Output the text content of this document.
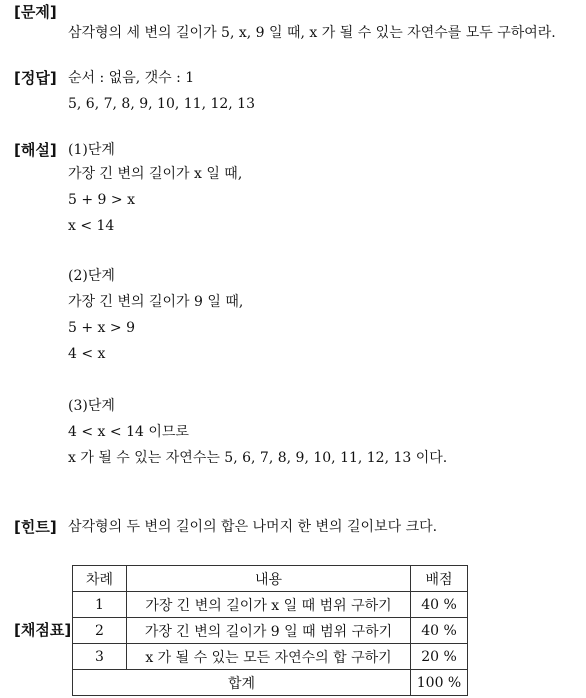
[문제]
삼각형의 세 변의 길이가 5, x, 9 일 때, x 가 될 수 있는 자연수를 모두 구하여라.
[정답] 순서 : 없음, 갯수 : 1
5, 6, 7, 8, 9, 10, 11, 12, 13
[해설] (1)단계
가장 긴 변의 길이가 x 일 때,
5 + 9 > x
x < 14
(2)단계
가장 긴 변의 길이가 9 일 때,
5 + x > 9
4 < x
(3)단계
4 < x < 14 이므로
x 가 될 수 있는 자연수는 5, 6, 7, 8, 9, 10, 11, 12, 13 이다.
[힌트] 삼각형의 두 변의 길이의 합은 나머지 한 변의 길이보다 크다.
[채점표]
차례	내용	배점
1	가장 긴 변의 길이가 x 일 때 범위 구하기	40 %
2	가장 긴 변의 길이가 9 일 때 범위 구하기	40 %
3	x 가 될 수 있는 모든 자연수의 합 구하기	20 %
합계		100 %
